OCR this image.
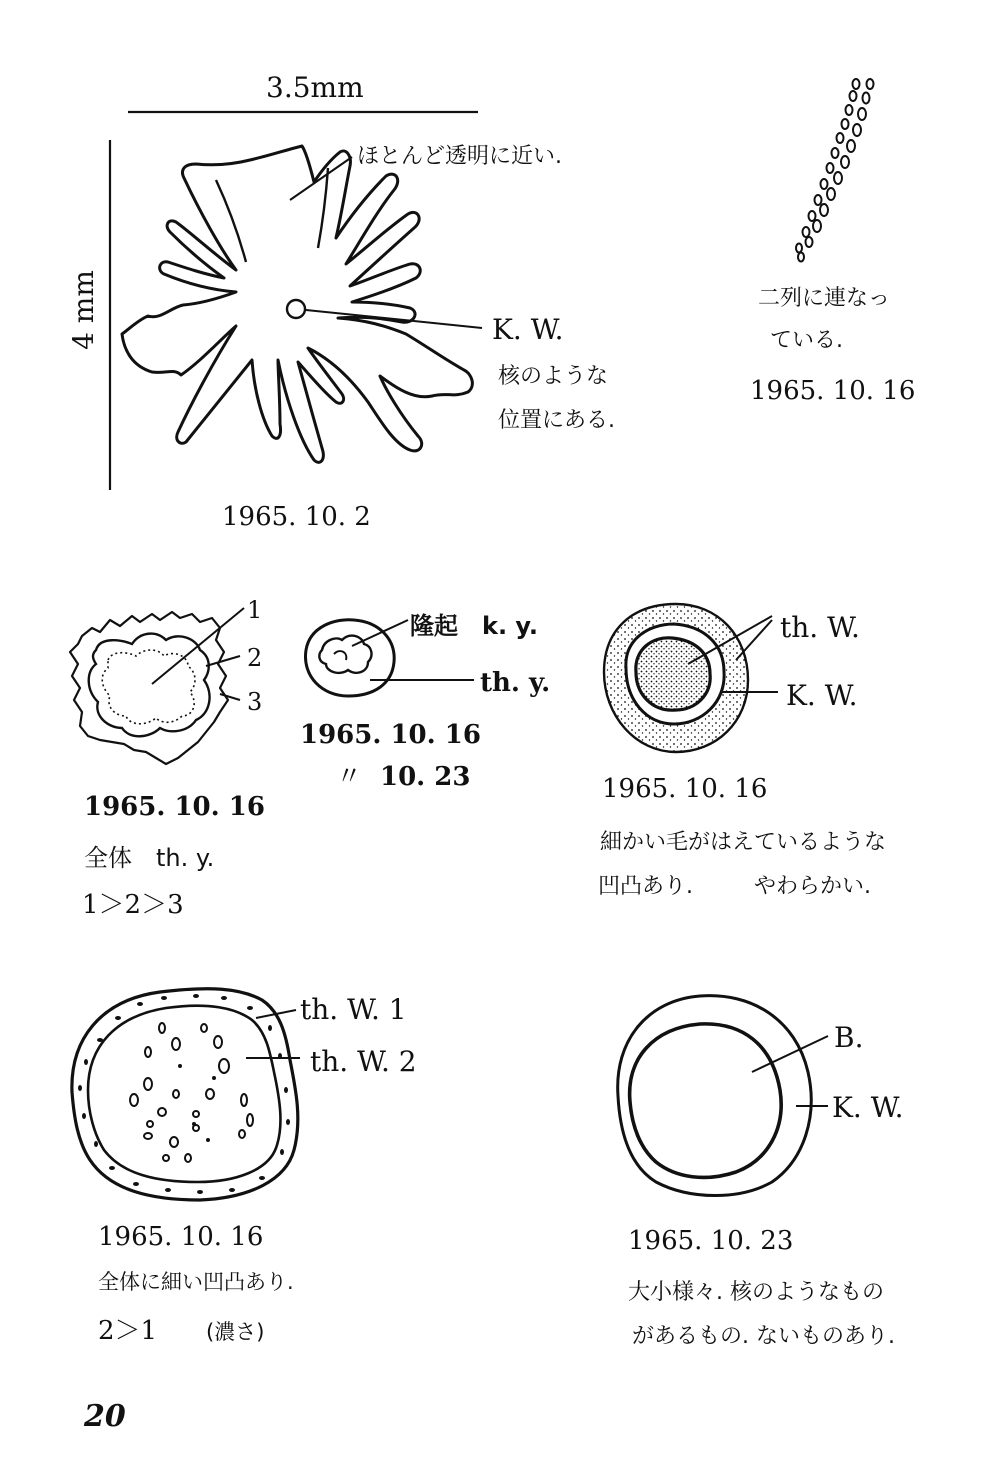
3.5mm
4 mm
ほとんど透明に近い.
K. W.
核のような
位置にある.
1965. 10. 2
二列に連なっ
ている.
1965. 10. 16
1
2
3
1965. 10. 16
全体　th. y.
1＞2＞3
隆起　k. y.
th. y.
1965. 10. 16
〃 10. 23
th. W.
K. W.
1965. 10. 16
細かい毛がはえているような
凹凸あり.	やわらかい.
th. W. 1
th. W. 2
1965. 10. 16
全体に細い凹凸あり.
2＞1 (濃さ)
B.
K. W.
1965. 10. 23
大小様々. 核のようなもの
があるもの. ないものあり.
20
